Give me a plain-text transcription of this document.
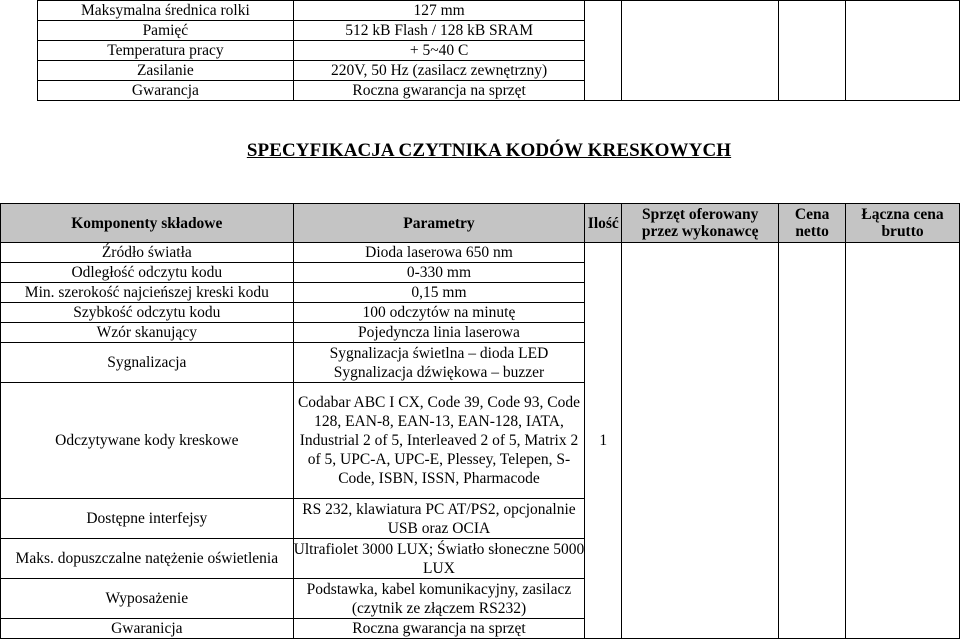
Maksymalna średnica rolki	127 mm				
Pamięć	512 kB Flash / 128 kB SRAM				
Temperatura pracy	+ 5~40 C				
Zasilanie	220V, 50 Hz (zasilacz zewnętrzny)				
Gwarancja	Roczna gwarancja na sprzęt				
SPECYFIKACJA CZYTNIKA KODÓW KRESKOWYCH
Komponenty składowe	Parametry	Ilość	Sprzęt oferowany przez wykonawcę	Cena netto	Łączna cena brutto
Źródło światła	Dioda laserowa 650 nm	1			
Odległość odczytu kodu	0-330 mm				
Min. szerokość najcieńszej kreski kodu	0,15 mm				
Szybkość odczytu kodu	100 odczytów na minutę				
Wzór skanujący	Pojedyncza linia laserowa				
Sygnalizacja	Sygnalizacja świetlna – dioda LED Sygnalizacja dźwiękowa – buzzer				
Odczytywane kody kreskowe	Codabar ABC I CX, Code 39, Code 93, Code 128, EAN-8, EAN-13, EAN-128, IATA, Industrial 2 of 5, Interleaved 2 of 5, Matrix 2 of 5, UPC-A, UPC-E, Plessey, Telepen, S-Code, ISBN, ISSN, Pharmacode				
Dostępne interfejsy	RS 232, klawiatura PC AT/PS2, opcjonalnie USB oraz OCIA				
Maks. dopuszczalne natężenie oświetlenia	Ultrafiolet 3000 LUX; Światło słoneczne 5000 LUX				
Wyposażenie	Podstawka, kabel komunikacyjny, zasilacz (czytnik ze złączem RS232)				
Gwaranicja	Roczna gwarancja na sprzęt				
